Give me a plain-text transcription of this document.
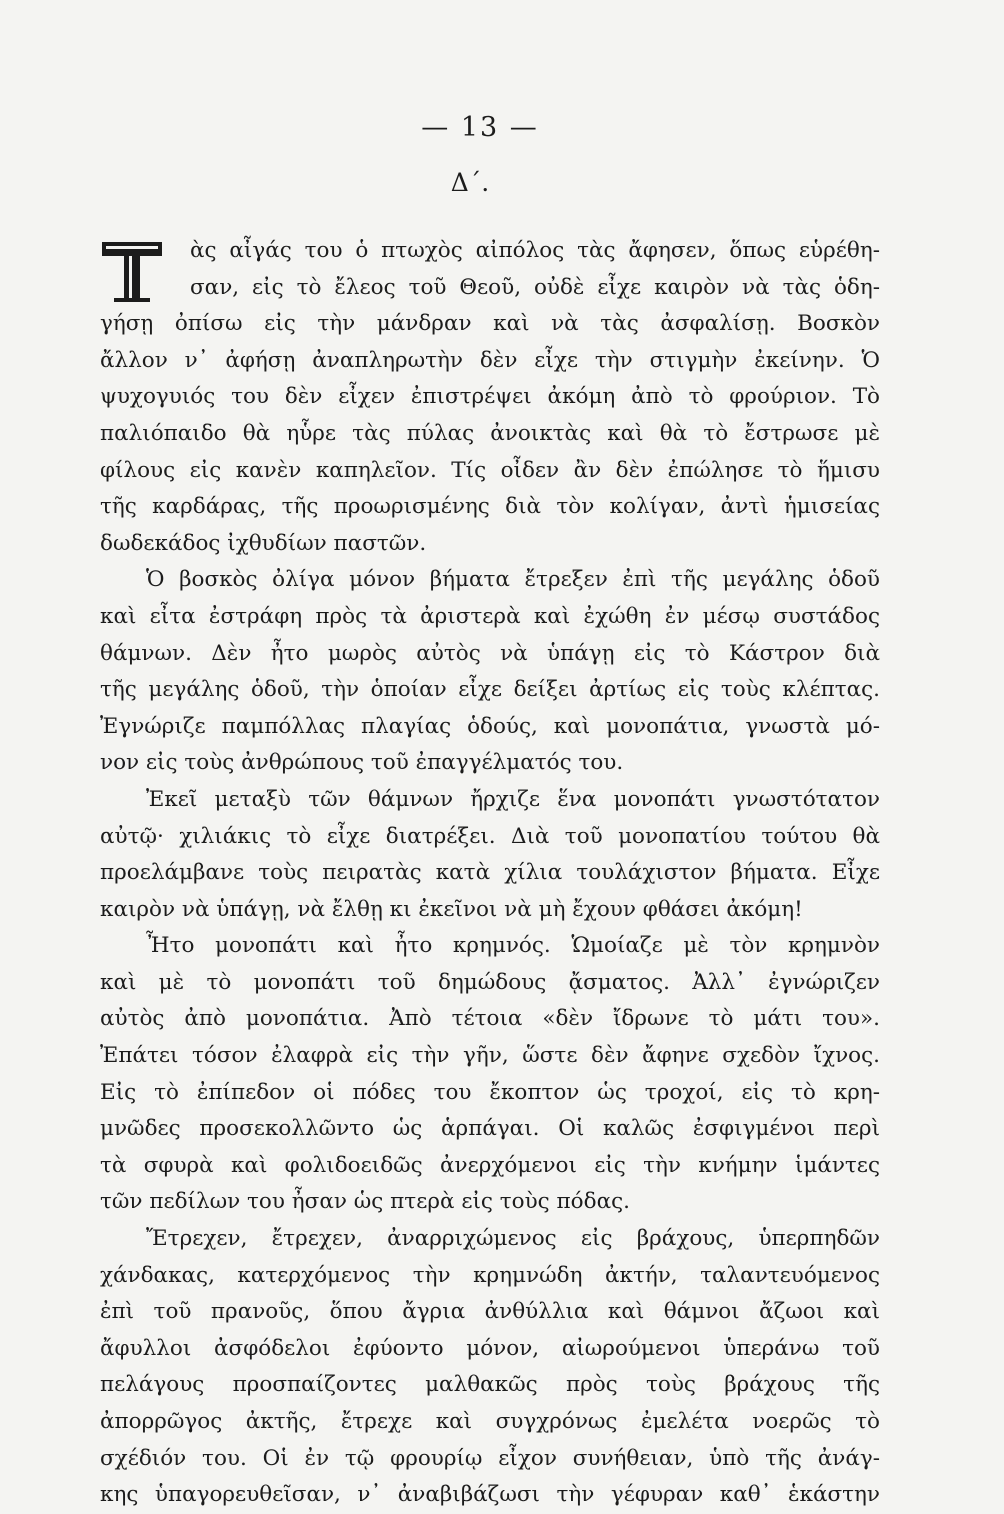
— 13 —
Δ΄.
ὰς αἶγάς του ὁ πτωχὸς αἰπόλος τὰς ἄφησεν, ὅπως εὑρέθη-
σαν, εἰς τὸ ἔλεος τοῦ Θεοῦ, οὐδὲ εἶχε καιρὸν νὰ τὰς ὁδη-
γήσῃ ὀπίσω εἰς τὴν μάνδραν καὶ νὰ τὰς ἀσφαλίσῃ. Βοσκὸν
ἄλλον ν᾿ ἀφήσῃ ἀναπληρωτὴν δὲν εἶχε τὴν στιγμὴν ἐκείνην. Ὁ
ψυχογυιός του δὲν εἶχεν ἐπιστρέψει ἀκόμη ἀπὸ τὸ φρούριον. Τὸ
παλιόπαιδο θὰ ηὗρε τὰς πύλας ἀνοικτὰς καὶ θὰ τὸ ἔστρωσε μὲ
φίλους εἰς κανὲν καπηλεῖον. Τίς οἶδεν ἂν δὲν ἐπώλησε τὸ ἥμισυ
τῆς καρδάρας, τῆς προωρισμένης διὰ τὸν κολίγαν, ἀντὶ ἡμισείας
δωδεκάδος ἰχθυδίων παστῶν.
Ὁ βοσκὸς ὀλίγα μόνον βήματα ἔτρεξεν ἐπὶ τῆς μεγάλης ὁδοῦ
καὶ εἶτα ἐστράφη πρὸς τὰ ἀριστερὰ καὶ ἐχώθη ἐν μέσῳ συστάδος
θάμνων. Δὲν ἦτο μωρὸς αὐτὸς νὰ ὑπάγῃ εἰς τὸ Κάστρον διὰ
τῆς μεγάλης ὁδοῦ, τὴν ὁποίαν εἶχε δείξει ἀρτίως εἰς τοὺς κλέπτας.
Ἐγνώριζε παμπόλλας πλαγίας ὁδούς, καὶ μονοπάτια, γνωστὰ μό-
νον εἰς τοὺς ἀνθρώπους τοῦ ἐπαγγέλματός του.
Ἐκεῖ μεταξὺ τῶν θάμνων ἤρχιζε ἕνα μονοπάτι γνωστότατον
αὐτῷ· χιλιάκις τὸ εἶχε διατρέξει. Διὰ τοῦ μονοπατίου τούτου θὰ
προελάμβανε τοὺς πειρατὰς κατὰ χίλια τουλάχιστον βήματα. Εἶχε
καιρὸν νὰ ὑπάγῃ, νὰ ἔλθῃ κι ἐκεῖνοι νὰ μὴ ἔχουν φθάσει ἀκόμη!
Ἦτο μονοπάτι καὶ ἦτο κρημνός. Ὡμοίαζε μὲ τὸν κρημνὸν
καὶ μὲ τὸ μονοπάτι τοῦ δημώδους ᾄσματος. Ἀλλ᾿ ἐγνώριζεν
αὐτὸς ἀπὸ μονοπάτια. Ἀπὸ τέτοια «δὲν ἴδρωνε τὸ μάτι του».
Ἐπάτει τόσον ἐλαφρὰ εἰς τὴν γῆν, ὥστε δὲν ἄφηνε σχεδὸν ἴχνος.
Εἰς τὸ ἐπίπεδον οἱ πόδες του ἔκοπτον ὡς τροχοί, εἰς τὸ κρη-
μνῶδες προσεκολλῶντο ὡς ἁρπάγαι. Οἱ καλῶς ἐσφιγμένοι περὶ
τὰ σφυρὰ καὶ φολιδοειδῶς ἀνερχόμενοι εἰς τὴν κνήμην ἱμάντες
τῶν πεδίλων του ἦσαν ὡς πτερὰ εἰς τοὺς πόδας.
Ἔτρεχεν, ἔτρεχεν, ἀναρριχώμενος εἰς βράχους, ὑπερπηδῶν
χάνδακας, κατερχόμενος τὴν κρημνώδη ἀκτήν, ταλαντευόμενος
ἐπὶ τοῦ πρανοῦς, ὅπου ἄγρια ἀνθύλλια καὶ θάμνοι ἄζωοι καὶ
ἄφυλλοι ἀσφόδελοι ἐφύοντο μόνον, αἰωρούμενοι ὑπεράνω τοῦ
πελάγους προσπαίζοντες μαλθακῶς πρὸς τοὺς βράχους τῆς
ἀπορρῶγος ἀκτῆς, ἔτρεχε καὶ συγχρόνως ἐμελέτα νοερῶς τὸ
σχέδιόν του. Οἱ ἐν τῷ φρουρίῳ εἶχον συνήθειαν, ὑπὸ τῆς ἀνάγ-
κης ὑπαγορευθεῖσαν, ν᾿ ἀναβιβάζωσι τὴν γέφυραν καθ᾿ ἑκάστην
